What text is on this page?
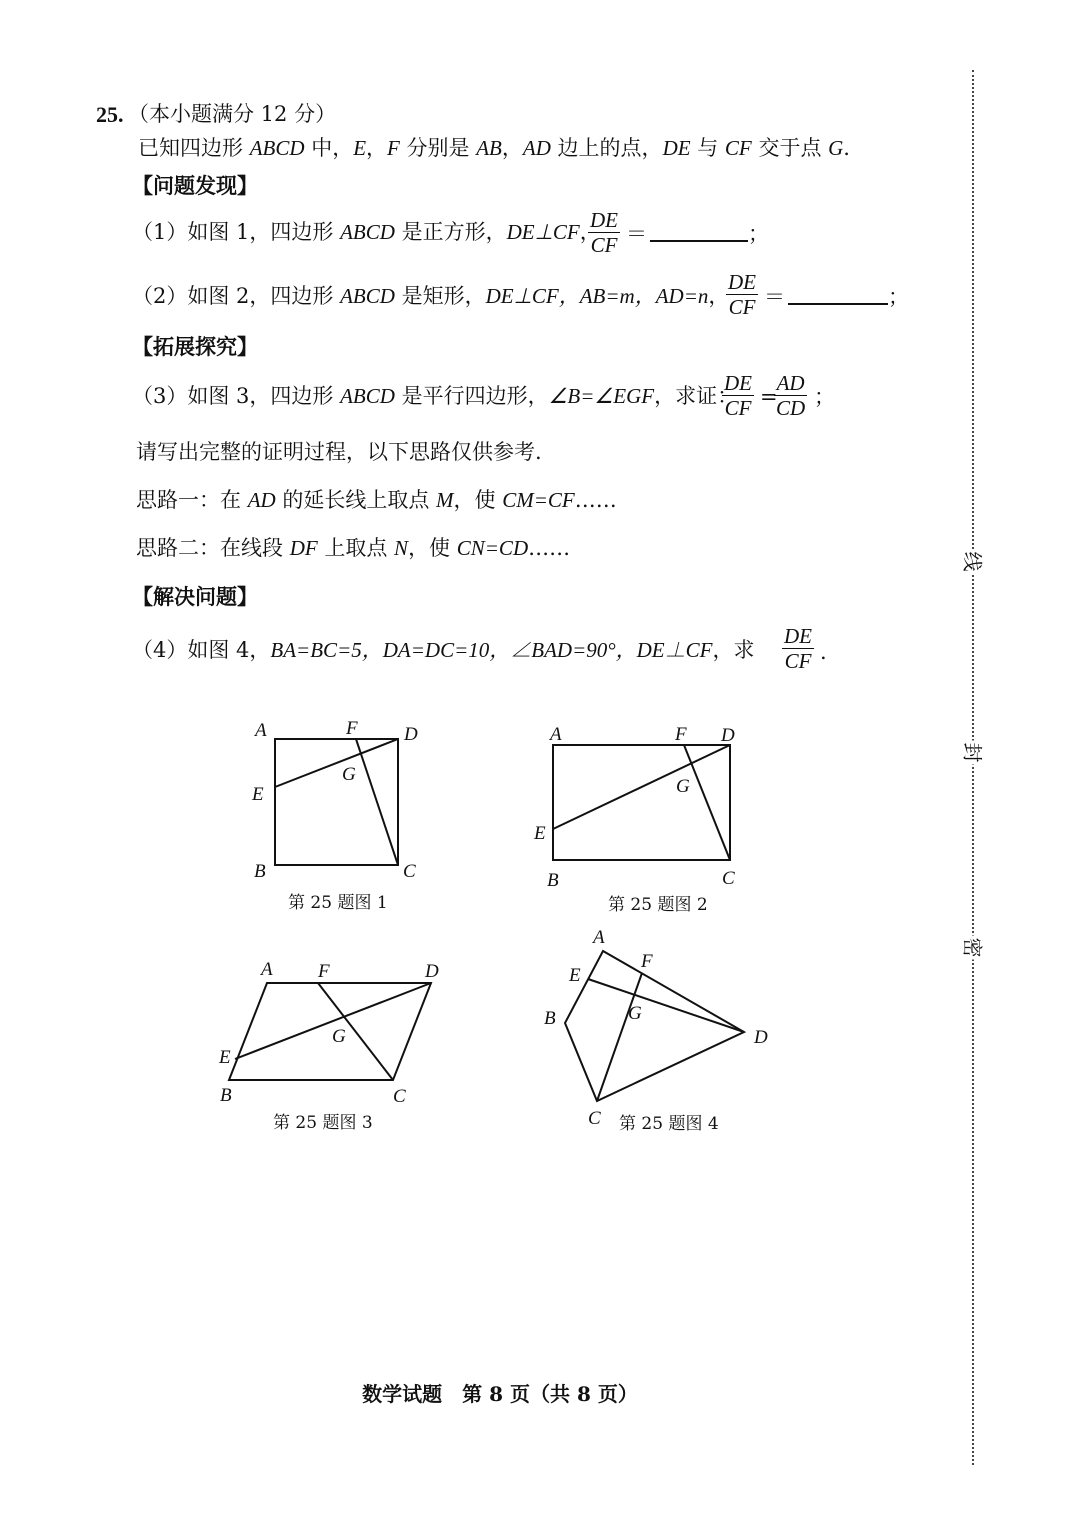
25. （本小题满分 12 分）
已知四边形 ABCD 中，E，F 分别是 AB，AD 边上的点，DE 与 CF 交于点 G.
【问题发现】
（1）如图 1，四边形 ABCD 是正方形，DE⊥CF，
$\frac{DE}{CF}$ ＝	；
（2）如图 2，四边形 ABCD 是矩形，DE⊥CF，AB=m，AD=n，
$\frac{DE}{CF}$ ＝	；
【拓展探究】
（3）如图 3，四边形 ABCD 是平行四边形，∠B=∠EGF，求证：
$\frac{DE}{CF}$ =
$\frac{AD}{CD}$ ；
请写出完整的证明过程，以下思路仅供参考.
思路一：在 AD 的延长线上取点 M，使 CM=CF……
思路二：在线段 DF 上取点 N，使 CN=CD……
【解决问题】
（4）如图 4，BA=BC=5，DA=DC=10，∠BAD=90°，DE⊥CF，求 $\frac{DE}{CF}$ .
A	F D
E
G
B	C
第 25 题图 1
A	F D
G
E
B	C
第 25 题图 2
A F	D
G
E
B	C
第 25 题图 3
A
E
F
B	G
D
C 第 25 题图 4
线
封
密
数学试题　第 8 页（共 8 页）
